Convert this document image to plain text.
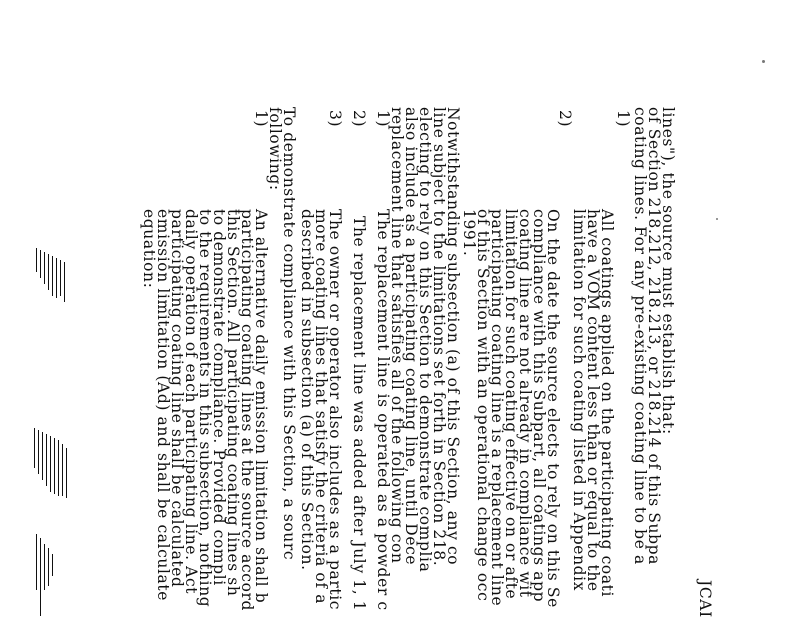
JCAI
coating lines. For any pre-existing coating line to be a
of Section 218.212, 218.213, or 218.214 of this Subpa
lines"), the source must establish that:
1)
All coatings applied on the participating coati
have a VOM content less than or equal to the
limitation for such coating listed in Appendix
2)
On the date the source elects to rely on this Se
compliance with this Subpart, all coatings app
coating line are not already in compliance wit
limitation for such coating effective on or afte
participating coating line is a replacement line
of this Section with an operational change occ
1991.
Notwithstanding subsection (a) of this Section, any co
line subject to the limitations set forth in Section 218.
electing to rely on this Section to demonstrate complia
also include as a participating coating line, until Dece
replacement line that satisfies all of the following con
1)
The replacement line is operated as a powder c
2)
The replacement line was added after July 1, 1
3)
The owner or operator also includes as a partic
more coating lines that satisfy the criteria of a
described in subsection (a) of this Section.
To demonstrate compliance with this Section, a sourc
following:
1)
An alternative daily emission limitation shall b
participating coating lines at the source accord
this Section. All participating coating lines sh
to demonstrate compliance. Provided compli
to the requirements in this subsection, nothing
daily operation of each participating line. Act
participating coating line shall be calculated
emission limitation (Ad) and shall be calculate
equation:
